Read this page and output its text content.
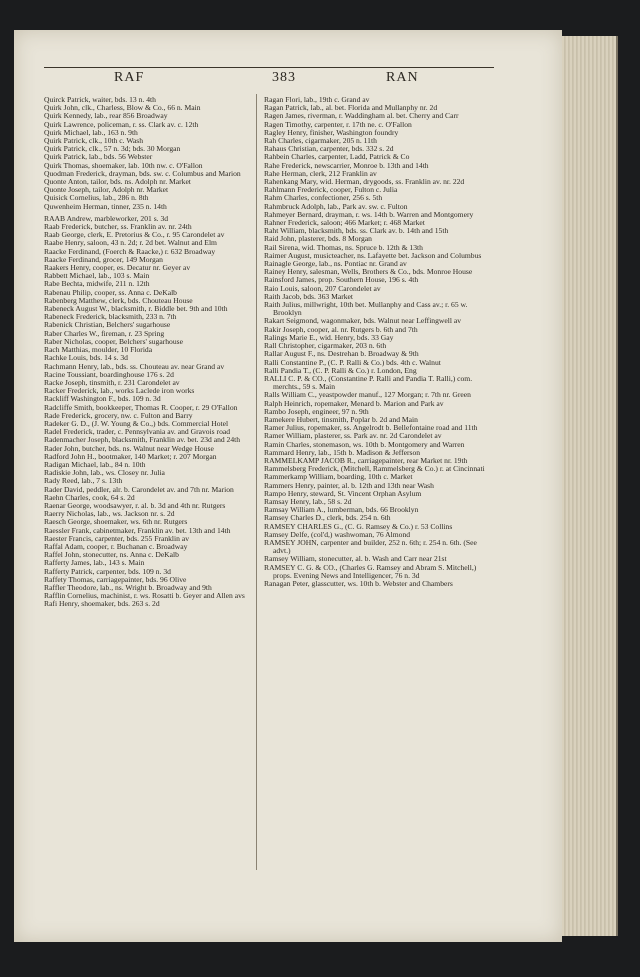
RAF	383	RAN
Quirck Patrick, waiter, bds. 13 n. 4th
Quirk John, clk., Charless, Blow & Co., 66 n. Main
Quirk Kennedy, lab., rear 856 Broadway
Quirk Lawrence, policeman, r. ss. Clark av. c. 12th
Quirk Michael, lab., 163 n. 9th
Quirk Patrick, clk., 10th c. Wash
Quirk Patrick, clk., 57 n. 3d; bds. 30 Morgan
Quirk Patrick, lab., bds. 56 Webster
Quirk Thomas, shoemaker, lab. 10th nw. c. O'Fallon
Quodman Frederick, drayman, bds. sw. c. Columbus and Marion
Quonte Anton, tailor, bds. ns. Adolph nr. Market
Quonte Joseph, tailor, Adolph nr. Market
Quisick Cornelius, lab., 286 n. 8th
Quwenheim Herman, tinner, 235 n. 14th
RAAB Andrew, marbleworker, 201 s. 3d
Raab Frederick, butcher, ss. Franklin av. nr. 24th
Raab George, clerk, E. Pretorius & Co., r. 95 Carondelet av
Raabe Henry, saloon, 43 n. 2d; r. 2d bet. Walnut and Elm
Raacke Ferdinand, (Foerch & Raacke,) r. 632 Broadway
Raacke Ferdinand, grocer, 149 Morgan
Raakers Henry, cooper, es. Decatur nr. Geyer av
Rabbett Michael, lab., 103 s. Main
Rabe Bechta, midwife, 211 n. 12th
Rabenau Philip, cooper, ss. Anna c. DeKalb
Rabenberg Matthew, clerk, bds. Chouteau House
Rabeneck August W., blacksmith, r. Biddle bet. 9th and 10th
Rabeneck Frederick, blacksmith, 233 n. 7th
Rabenick Christian, Belchers' sugarhouse
Raber Charles W., fireman, r. 23 Spring
Raber Nicholas, cooper, Belchers' sugarhouse
Rach Matthias, moulder, 10 Florida
Rachke Louis, bds. 14 s. 3d
Rachmann Henry, lab., bds. ss. Chouteau av. near Grand av
Racine Toussiant, boardinghouse 176 s. 2d
Racke Joseph, tinsmith, r. 231 Carondelet av
Racker Frederick, lab., works Laclede iron works
Rackliff Washington F., bds. 109 n. 3d
Radcliffe Smith, bookkeeper, Thomas R. Cooper, r. 29 O'Fallon
Rade Frederick, grocery, nw. c. Fulton and Barry
Radeker G. D., (J. W. Young & Co.,) bds. Commercial Hotel
Radel Frederick, trader, c. Pennsylvania av. and Gravois road
Radenmacher Joseph, blacksmith, Franklin av. bet. 23d and 24th
Rader John, butcher, bds. ns. Walnut near Wedge House
Radford John H., bootmaker, 140 Market; r. 207 Morgan
Radigan Michael, lab., 84 n. 10th
Radiskie John, lab., ws. Closey nr. Julia
Rady Reed, lab., 7 s. 13th
Rader David, peddler, alr. b. Carondelet av. and 7th nr. Marion
Raehn Charles, cook, 64 s. 2d
Raenar George, woodsawyer, r. al. b. 3d and 4th nr. Rutgers
Raerry Nicholas, lab., ws. Jackson nr. s. 2d
Raesch George, shoemaker, ws. 6th nr. Rutgers
Raessler Frank, cabinetmaker, Franklin av. bet. 13th and 14th
Raester Francis, carpenter, bds. 255 Franklin av
Raffal Adam, cooper, r. Buchanan c. Broadway
Raffel John, stonecutter, ns. Anna c. DeKalb
Rafferty James, lab., 143 s. Main
Rafferty Patrick, carpenter, bds. 109 n. 3d
Raffety Thomas, carriagepainter, bds. 96 Olive
Raffler Theodore, lab., ns. Wright b. Broadway and 9th
Rafflin Cornelius, machinist, r. ws. Rosatti b. Geyer and Allen avs
Rafi Henry, shoemaker, bds. 263 s. 2d
Ragan Flori, lab., 19th c. Grand av
Ragan Patrick, lab., al. bet. Florida and Mullanphy nr. 2d
Ragen James, riverman, r. Waddingham al. bet. Cherry and Carr
Ragen Timothy, carpenter, r. 17th ne. c. O'Fallon
Ragley Henry, finisher, Washington foundry
Rah Charles, cigarmaker, 205 n. 11th
Rahaus Christian, carpenter, bds. 332 s. 2d
Rahbein Charles, carpenter, Ladd, Patrick & Co
Rahe Frederick, newscarrier, Monroe b. 13th and 14th
Rahe Herman, clerk, 212 Franklin av
Rahenkang Mary, wid. Herman, drygoods, ss. Franklin av. nr. 22d
Rahlmann Frederick, cooper, Fulton c. Julia
Rahm Charles, confectioner, 256 s. 5th
Rahmbruck Adolph, lab., Park av. sw. c. Fulton
Rahmeyer Bernard, drayman, r. ws. 14th b. Warren and Montgomery
Rahner Frederick, saloon; 466 Market; r. 468 Market
Raht William, blacksmith, bds. ss. Clark av. b. 14th and 15th
Raid John, plasterer, bds. 8 Morgan
Rail Sirena, wid. Thomas, ns. Spruce b. 12th & 13th
Raimer August, musicteacher, ns. Lafayette bet. Jackson and Columbus
Rainagle George, lab., ns. Pontiac nr. Grand av
Rainey Henry, salesman, Wells, Brothers & Co., bds. Monroe House
Rainsford James, prop. Southern House, 196 s. 4th
Raio Louis, saloon, 207 Carondelet av
Raith Jacob, bds. 363 Market
Raith Julius, millwright, 10th bet. Mullanphy and Cass av.; r. 65 w. Brooklyn
Rakart Seigmond, wagonmaker, bds. Walnut near Leffingwell av
Rakir Joseph, cooper, al. nr. Rutgers b. 6th and 7th
Ralings Marie E., wid. Henry, bds. 33 Gay
Rall Christopher, cigarmaker, 203 n. 6th
Rallar August F., ns. Destrehan b. Broadway & 9th
Ralli Constantine P., (C. P. Ralli & Co.) bds. 4th c. Walnut
Ralli Pandia T., (C. P. Ralli & Co.) r. London, Eng
RALLI C. P. & CO., (Constantine P. Ralli and Pandia T. Ralli,) com. merchts., 59 s. Main
Ralls William C., yeastpowder manuf., 127 Morgan; r. 7th nr. Green
Ralph Heinrich, ropemaker, Menard b. Marion and Park av
Rambo Joseph, engineer, 97 n. 9th
Ramekere Hubert, tinsmith, Poplar b. 2d and Main
Ramer Julius, ropemaker, ss. Angelrodt b. Bellefontaine road and 11th
Ramer William, plasterer, ss. Park av. nr. 2d Carondelet av
Ramin Charles, stonemason, ws. 10th b. Montgomery and Warren
Rammard Henry, lab., 15th b. Madison & Jefferson
RAMMELKAMP JACOB R., carriagepainter, rear Market nr. 19th
Rammelsberg Frederick, (Mitchell, Rammelsberg & Co.) r. at Cincinnati
Rammerkamp William, boarding, 10th c. Market
Rammers Henry, painter, al. b. 12th and 13th near Wash
Rampo Henry, steward, St. Vincent Orphan Asylum
Ramsay Henry, lab., 58 s. 2d
Ramsay William A., lumberman, bds. 66 Brooklyn
Ramsey Charles D., clerk, bds. 254 n. 6th
RAMSEY CHARLES G., (C. G. Ramsey & Co.) r. 53 Collins
Ramsey Delfe, (col'd,) washwoman, 76 Almond
RAMSEY JOHN, carpenter and builder, 252 n. 6th; r. 254 n. 6th. (See advt.)
Ramsey William, stonecutter, al. b. Wash and Carr near 21st
RAMSEY C. G. & CO., (Charles G. Ramsey and Abram S. Mitchell,) props. Evening News and Intelligencer, 76 n. 3d
Ranagan Peter, glasscutter, ws. 10th b. Webster and Chambers
